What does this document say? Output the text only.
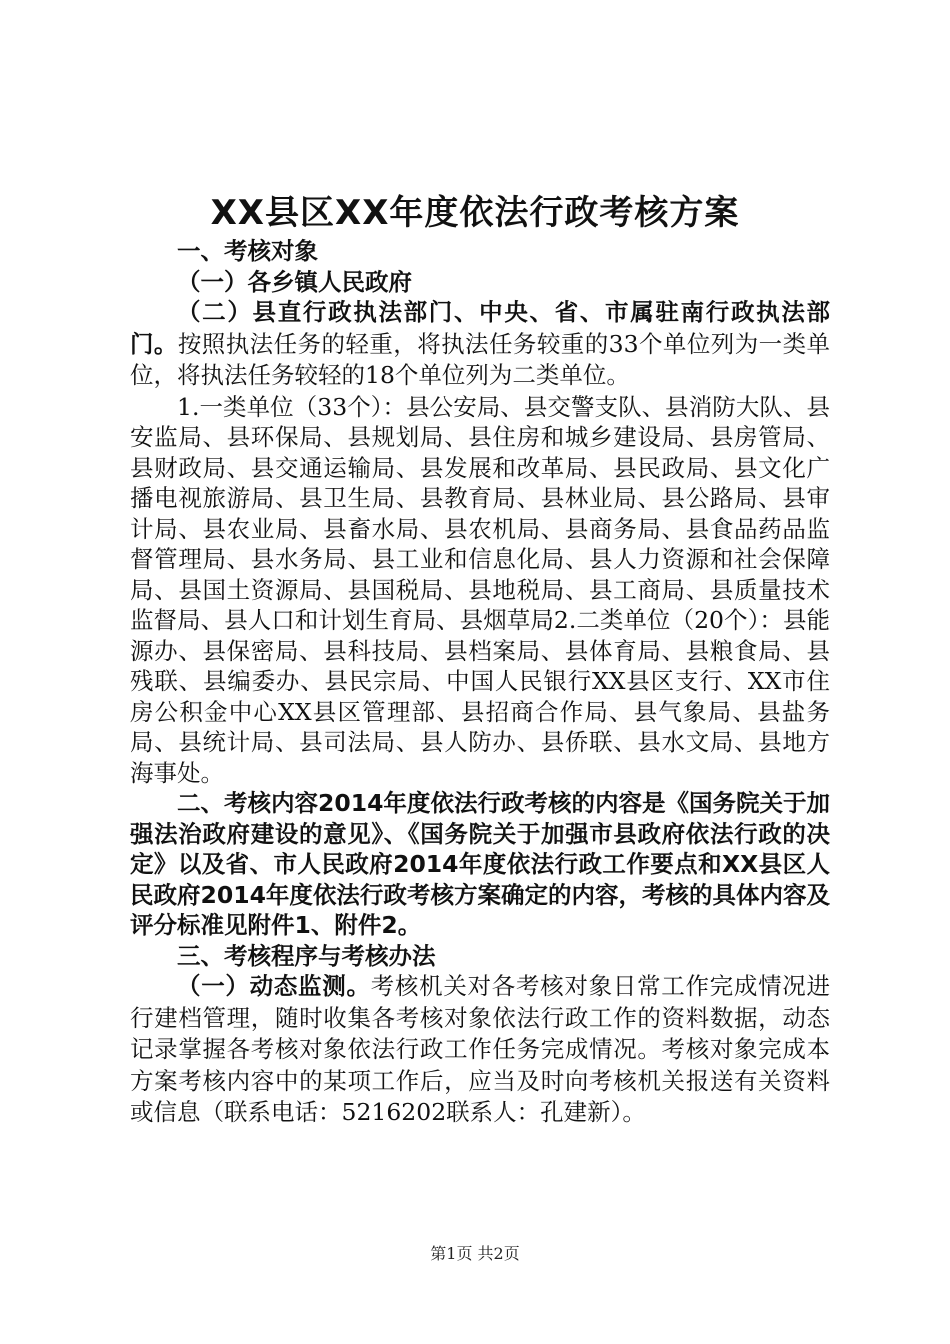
XX县区XX年度依法行政考核方案

一、考核对象

（一）各乡镇人民政府

（二）县直行政执法部门、中央、省、市属驻南行政执法部门。按照执法任务的轻重，将执法任务较重的33个单位列为一类单位，将执法任务较轻的18个单位列为二类单位。

1.一类单位（33个）：县公安局、县交警支队、县消防大队、县安监局、县环保局、县规划局、县住房和城乡建设局、县房管局、县财政局、县交通运输局、县发展和改革局、县民政局、县文化广播电视旅游局、县卫生局、县教育局、县林业局、县公路局、县审计局、县农业局、县畜水局、县农机局、县商务局、县食品药品监督管理局、县水务局、县工业和信息化局、县人力资源和社会保障局、县国土资源局、县国税局、县地税局、县工商局、县质量技术监督局、县人口和计划生育局、县烟草局2.二类单位（20个）：县能源办、县保密局、县科技局、县档案局、县体育局、县粮食局、县残联、县编委办、县民宗局、中国人民银行XX县区支行、XX市住房公积金中心XX县区管理部、县招商合作局、县气象局、县盐务局、县统计局、县司法局、县人防办、县侨联、县水文局、县地方海事处。

二、考核内容2014年度依法行政考核的内容是《国务院关于加强法治政府建设的意见》、《国务院关于加强市县政府依法行政的决定》以及省、市人民政府2014年度依法行政工作要点和XX县区人民政府2014年度依法行政考核方案确定的内容，考核的具体内容及评分标准见附件1、附件2。

三、考核程序与考核办法

（一）动态监测。考核机关对各考核对象日常工作完成情况进行建档管理，随时收集各考核对象依法行政工作的资料数据，动态记录掌握各考核对象依法行政工作任务完成情况。考核对象完成本方案考核内容中的某项工作后，应当及时向考核机关报送有关资料或信息（联系电话：5216202联系人：孔建新）。

第1页 共2页
